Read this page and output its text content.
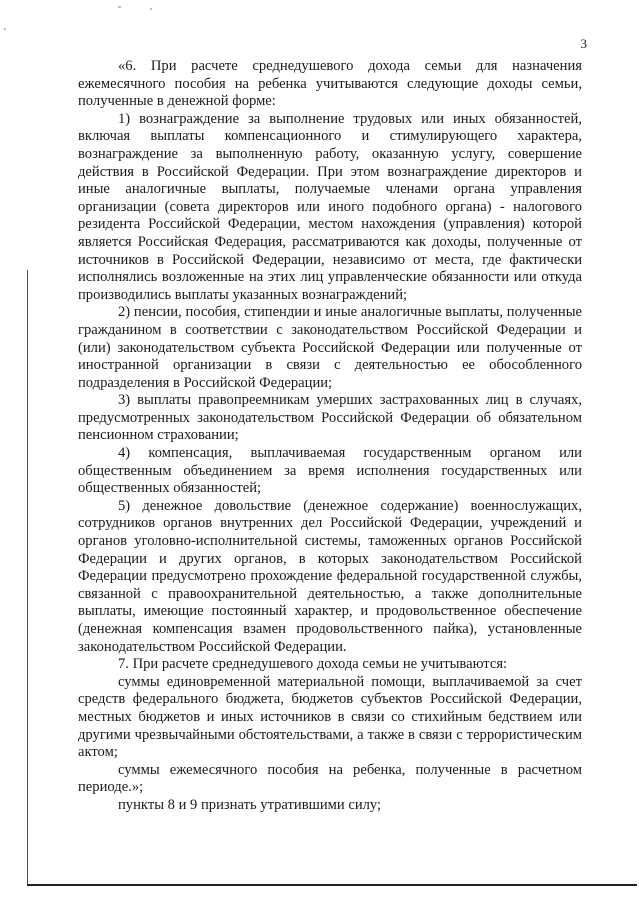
3

«6. При расчете среднедушевого дохода семьи для назначения ежемесячного пособия на ребенка учитываются следующие доходы семьи, полученные в денежной форме:

1) вознаграждение за выполнение трудовых или иных обязанностей, включая выплаты компенсационного и стимулирующего характера, вознаграждение за выполненную работу, оказанную услугу, совершение действия в Российской Федерации. При этом вознаграждение директоров и иные аналогичные выплаты, получаемые членами органа управления организации (совета директоров или иного подобного органа) - налогового резидента Российской Федерации, местом нахождения (управления) которой является Российская Федерация, рассматриваются как доходы, полученные от источников в Российской Федерации, независимо от места, где фактически исполнялись возложенные на этих лиц управленческие обязанности или откуда производились выплаты указанных вознаграждений;

2) пенсии, пособия, стипендии и иные аналогичные выплаты, полученные гражданином в соответствии с законодательством Российской Федерации и (или) законодательством субъекта Российской Федерации или полученные от иностранной организации в связи с деятельностью ее обособленного подразделения в Российской Федерации;

3) выплаты правопреемникам умерших застрахованных лиц в случаях, предусмотренных законодательством Российской Федерации об обязательном пенсионном страховании;

4) компенсация, выплачиваемая государственным органом или общественным объединением за время исполнения государственных или общественных обязанностей;

5) денежное довольствие (денежное содержание) военнослужащих, сотрудников органов внутренних дел Российской Федерации, учреждений и органов уголовно-исполнительной системы, таможенных органов Российской Федерации и других органов, в которых законодательством Российской Федерации предусмотрено прохождение федеральной государственной службы, связанной с правоохранительной деятельностью, а также дополнительные выплаты, имеющие постоянный характер, и продовольственное обеспечение (денежная компенсация взамен продовольственного пайка), установленные законодательством Российской Федерации.

7. При расчете среднедушевого дохода семьи не учитываются:

суммы единовременной материальной помощи, выплачиваемой за счет средств федерального бюджета, бюджетов субъектов Российской Федерации, местных бюджетов и иных источников в связи со стихийным бедствием или другими чрезвычайными обстоятельствами, а также в связи с террористическим актом;

суммы ежемесячного пособия на ребенка, полученные в расчетном периоде.»;

пункты 8 и 9 признать утратившими силу;
